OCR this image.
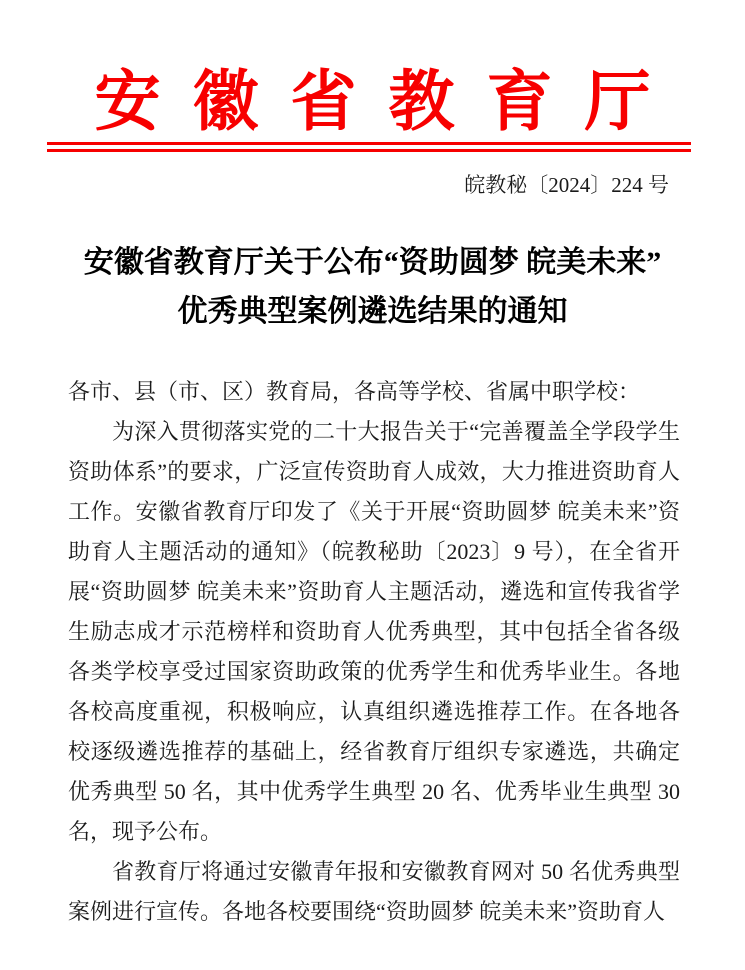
安徽省教育厅
皖教秘〔2024〕224 号
安徽省教育厅关于公布“资助圆梦 皖美未来”
优秀典型案例遴选结果的通知

各市、县（市、区）教育局，各高等学校、省属中职学校：

为深入贯彻落实党的二十大报告关于“完善覆盖全学段学生资助体系”的要求，广泛宣传资助育人成效，大力推进资助育人工作。安徽省教育厅印发了《关于开展“资助圆梦 皖美未来”资助育人主题活动的通知》（皖教秘助〔2023〕9 号），在全省开展“资助圆梦 皖美未来”资助育人主题活动，遴选和宣传我省学生励志成才示范榜样和资助育人优秀典型，其中包括全省各级各类学校享受过国家资助政策的优秀学生和优秀毕业生。各地各校高度重视，积极响应，认真组织遴选推荐工作。在各地各校逐级遴选推荐的基础上，经省教育厅组织专家遴选，共确定优秀典型 50 名，其中优秀学生典型 20 名、优秀毕业生典型 30 名，现予公布。

省教育厅将通过安徽青年报和安徽教育网对 50 名优秀典型案例进行宣传。各地各校要围绕“资助圆梦 皖美未来”资助育人
